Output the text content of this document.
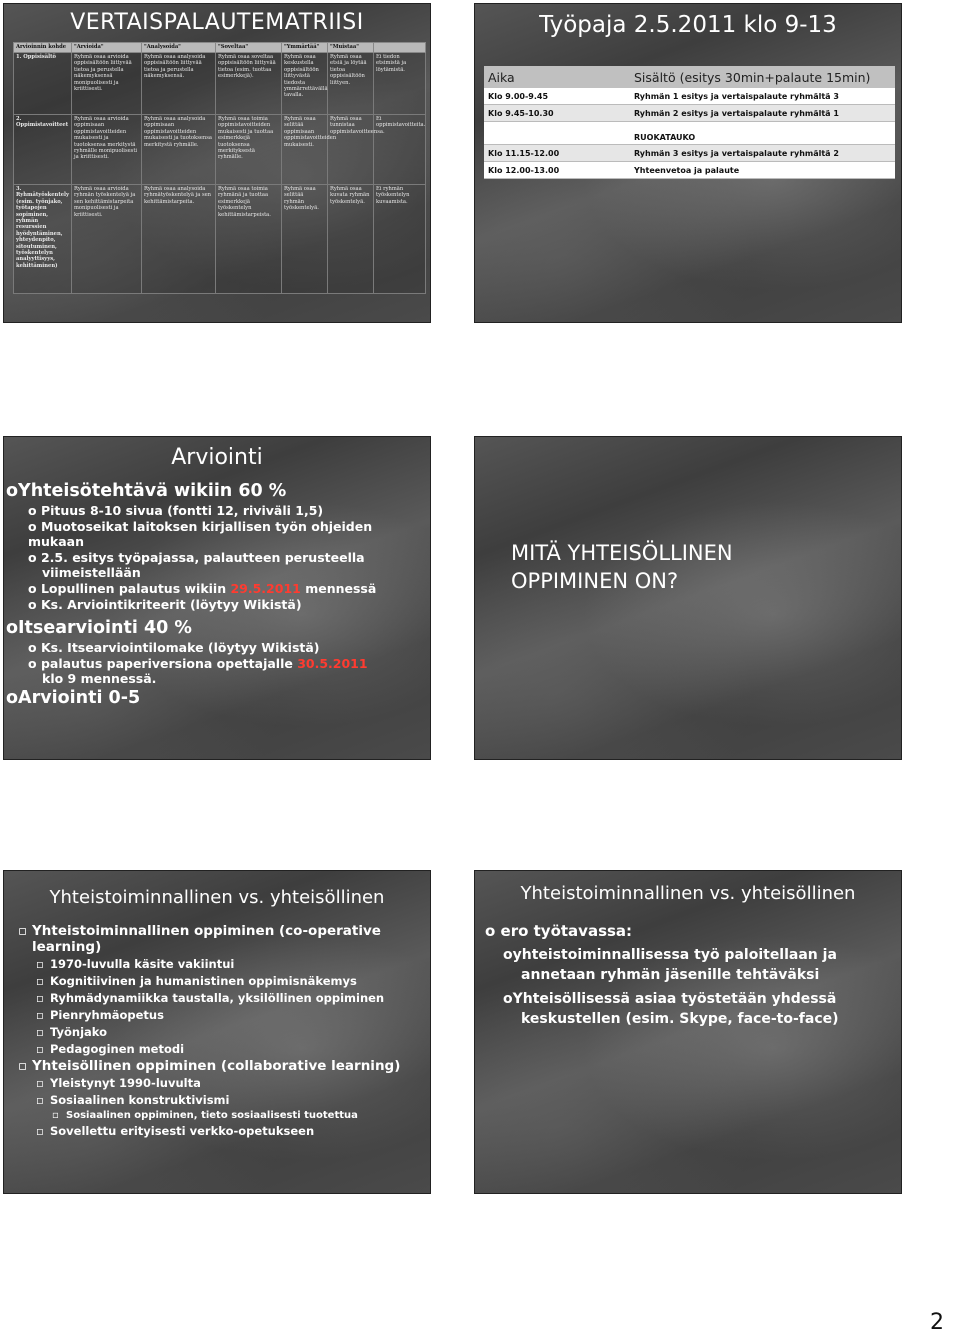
VERTAISPALAUTEMATRIISI
Arvioinnin kohde	"Arvioida"	"Analysoida"	"Soveltaa"	"Ymmärtää"	"Muistaa"	
1. Oppisisältö	Ryhmä osaa arvioida oppisisältöön liittyvää tietoa ja perustella näkemyksensä monipuolisesti ja kriittisesti.	Ryhmä osaa analysoida oppisisältöön liittyvää tietoa ja perustella näkemyksensä.	Ryhmä osaa soveltaa oppisisältöön liittyvää tietoa (esim. tuottaa esimerkkejä).	Ryhmä osaa keskustella oppisisältöön liittyvästä tiedosta ymmärrettävällä tavalla.	Ryhmä osaa etsiä ja löytää tietoa oppisisältöön liittyen.	Ei tiedon etsimistä ja löytämistä.
2. Oppimistavoitteet	Ryhmä osaa arvioida oppimisaan oppimistavoitteiden mukaisesti ja tuotoksensa merkitystä ryhmälle monipuolisesti ja kriittisesti.	Ryhmä osaa analysoida oppimisaan oppimistavoitteiden mukaisesti ja tuotoksensa merkitystä ryhmälle.	Ryhmä osaa toimia oppimistavoitteiden mukaisesti ja tuottaa esimerkkejä tuotoksensa merkityksestä ryhmälle.	Ryhmä osaa selittää oppimisaan oppimistavoitteiden mukaisesti.	Ryhmä osaa tunnistaa oppimistavoitteensa.	Ei oppimistavoitteita.
3. Ryhmätyöskentely (esim. työnjako, työtapojen sopiminen, ryhmän resurssien hyödyntäminen, yhteydenpito, sitoutuminen, työskentelyn analyyttisyys, kehittäminen)	Ryhmä osaa arvioida ryhmän työskentelyä ja sen kehittämistarpeita monipuolisesti ja kriittisesti.	Ryhmä osaa analysoida ryhmätyöskentelyä ja sen kehittämistarpeita.	Ryhmä osaa toimia ryhmänä ja tuottaa esimerkkejä työskentelyn kehittämistarpeista.	Ryhmä osaa selittää ryhmän työskentelyä.	Ryhmä osaa kuvata ryhmän työskentelyä.	Ei ryhmän työskentelyn kuvaamista.
Työpaja 2.5.2011 klo 9-13
Aika	Sisältö (esitys 30min+palaute 15min)
Klo 9.00-9.45	Ryhmän 1 esitys ja vertaispalaute ryhmältä 3
Klo 9.45-10.30	Ryhmän 2 esitys ja vertaispalaute ryhmältä 1
RUOKATAUKO
Klo 11.15-12.00	Ryhmän 3 esitys ja vertaispalaute ryhmältä 2
Klo 12.00-13.00	Yhteenvetoa ja palaute
Arviointi
oYhteisötehtävä wikiin 60 %
o Pituus 8-10 sivua (fontti 12, riviväli 1,5)
o Muotoseikat laitoksen kirjallisen työn ohjeiden mukaan
o 2.5. esitys työpajassa, palautteen perusteella
viimeistellään
o Lopullinen palautus wikiin 29.5.2011 mennessä
o Ks. Arviointikriteerit (löytyy Wikistä)
oItsearviointi 40 %
o Ks. Itsearviointilomake (löytyy Wikistä)
o palautus paperiversiona opettajalle 30.5.2011
klo 9 mennessä.
oArviointi 0-5
MITÄ YHTEISÖLLINEN
OPPIMINEN ON?
Yhteistoiminnallinen vs. yhteisöllinen
▫ Yhteistoiminnallinen oppiminen (co-operative learning)
▫ 1970-luvulla käsite vakiintui
▫ Kognitiivinen ja humanistinen oppimisnäkemys
▫ Ryhmädynamiikka taustalla, yksilöllinen oppiminen
▫ Pienryhmäopetus
▫ Työnjako
▫ Pedagoginen metodi
▫ Yhteisöllinen oppiminen (collaborative learning)
▫ Yleistynyt 1990-luvulta
▫ Sosiaalinen konstruktivismi
▫ Sosiaalinen oppiminen, tieto sosiaalisesti tuotettua
▫ Sovellettu erityisesti verkko-opetukseen
Yhteistoiminnallinen vs. yhteisöllinen
o ero työtavassa:
oyhteistoiminnallisessa työ paloitellaan ja
annetaan ryhmän jäsenille tehtäväksi
oYhteisöllisessä asiaa työstetään yhdessä
keskustellen (esim. Skype, face-to-face)
2
